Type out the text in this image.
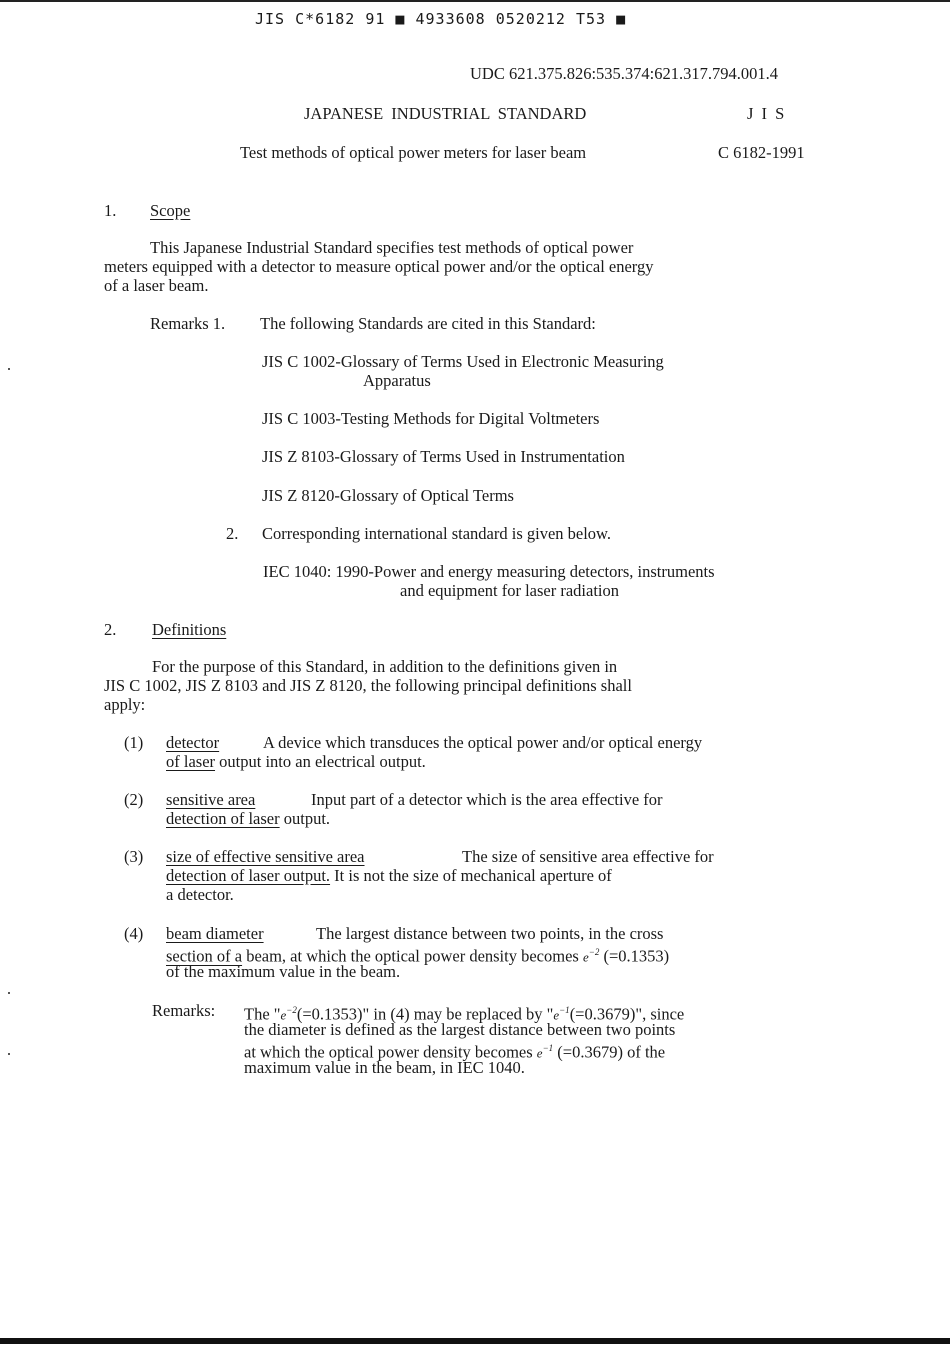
JIS C*6182 91 ■ 4933608 0520212 T53 ■
UDC 621.375.826:535.374:621.317.794.001.4
JAPANESE INDUSTRIAL STANDARD	J I S
Test methods of optical power meters for laser beam	C 6182-1991
1. Scope
This Japanese Industrial Standard specifies test methods of optical power
meters equipped with a detector to measure optical power and/or the optical energy
of a laser beam.
Remarks 1. The following Standards are cited in this Standard:
JIS C 1002-Glossary of Terms Used in Electronic Measuring
Apparatus
JIS C 1003-Testing Methods for Digital Voltmeters
JIS Z 8103-Glossary of Terms Used in Instrumentation
JIS Z 8120-Glossary of Optical Terms
2. Corresponding international standard is given below.
IEC 1040: 1990-Power and energy measuring detectors, instruments
and equipment for laser radiation
2. Definitions
For the purpose of this Standard, in addition to the definitions given in
JIS C 1002, JIS Z 8103 and JIS Z 8120, the following principal definitions shall
apply:
(1) detector	A device which transduces the optical power and/or optical energy
of laser output into an electrical output.
(2) sensitive area	Input part of a detector which is the area effective for
detection of laser output.
(3) size of effective sensitive area	The size of sensitive area effective for
detection of laser output. It is not the size of mechanical aperture of
a detector.
(4) beam diameter	The largest distance between two points, in the cross
section of a beam, at which the optical power density becomes $e^{-2}$ (=0.1353)
of the maximum value in the beam.
Remarks: The "$e^{-2}(=0.1353)$" in (4) may be replaced by "$e^{-1}(=0.3679)$", since
the diameter is defined as the largest distance between two points
at which the optical power density becomes $e^{-1}$ (=0.3679) of the
maximum value in the beam, in IEC 1040.
